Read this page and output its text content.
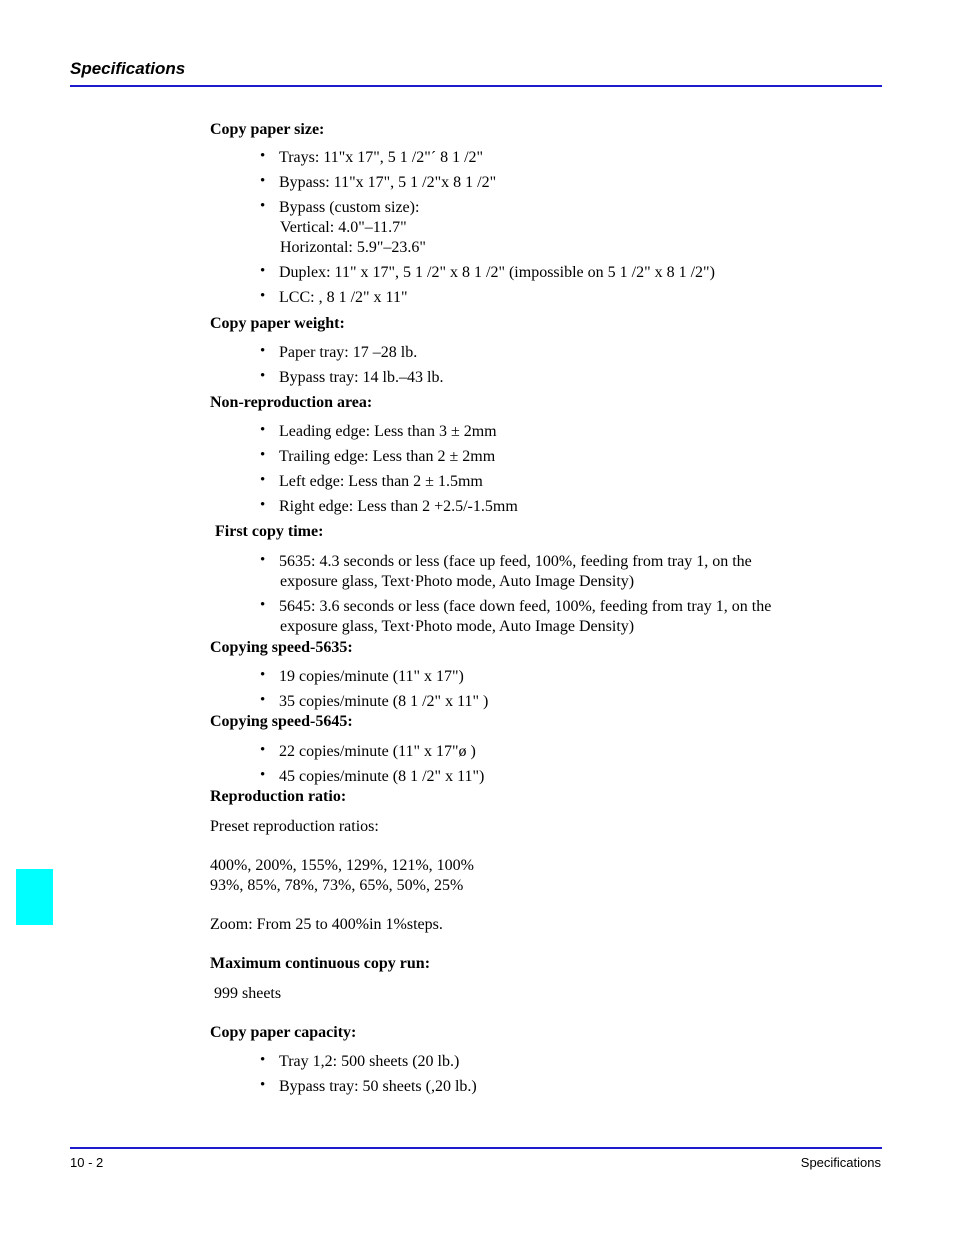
Specifications
Copy paper size:
• Trays: 11"x 17", 5 1 /2"´ 8 1 /2"
• Bypass: 11"x 17", 5 1 /2"x 8 1 /2"
• Bypass (custom size):
Vertical: 4.0"–11.7"
Horizontal: 5.9"–23.6"
• Duplex: 11" x 17", 5 1 /2" x 8 1 /2" (impossible on 5 1 /2" x 8 1 /2")
• LCC: , 8 1 /2" x 11"
Copy paper weight:
• Paper tray: 17 –28 lb.
• Bypass tray: 14 lb.–43 lb.
Non-reproduction area:
• Leading edge: Less than 3 ± 2mm
• Trailing edge: Less than 2 ± 2mm
• Left edge: Less than 2 ± 1.5mm
• Right edge: Less than 2 +2.5/-1.5mm
First copy time:
• 5635: 4.3 seconds or less (face up feed, 100%, feeding from tray 1, on the
exposure glass, Text·Photo mode, Auto Image Density)
• 5645: 3.6 seconds or less (face down feed, 100%, feeding from tray 1, on the
exposure glass, Text·Photo mode, Auto Image Density)
Copying speed-5635:
• 19 copies/minute (11" x 17")
• 35 copies/minute (8 1 /2" x 11" )
Copying speed-5645:
• 22 copies/minute (11" x 17"ø )
• 45 copies/minute (8 1 /2" x 11")
Reproduction ratio:
Preset reproduction ratios:
400%, 200%, 155%, 129%, 121%, 100%
93%, 85%, 78%, 73%, 65%, 50%, 25%
Zoom: From 25 to 400%in 1%steps.
Maximum continuous copy run:
999 sheets
Copy paper capacity:
• Tray 1,2: 500 sheets (20 lb.)
• Bypass tray: 50 sheets (,20 lb.)
10 - 2	Specifications
